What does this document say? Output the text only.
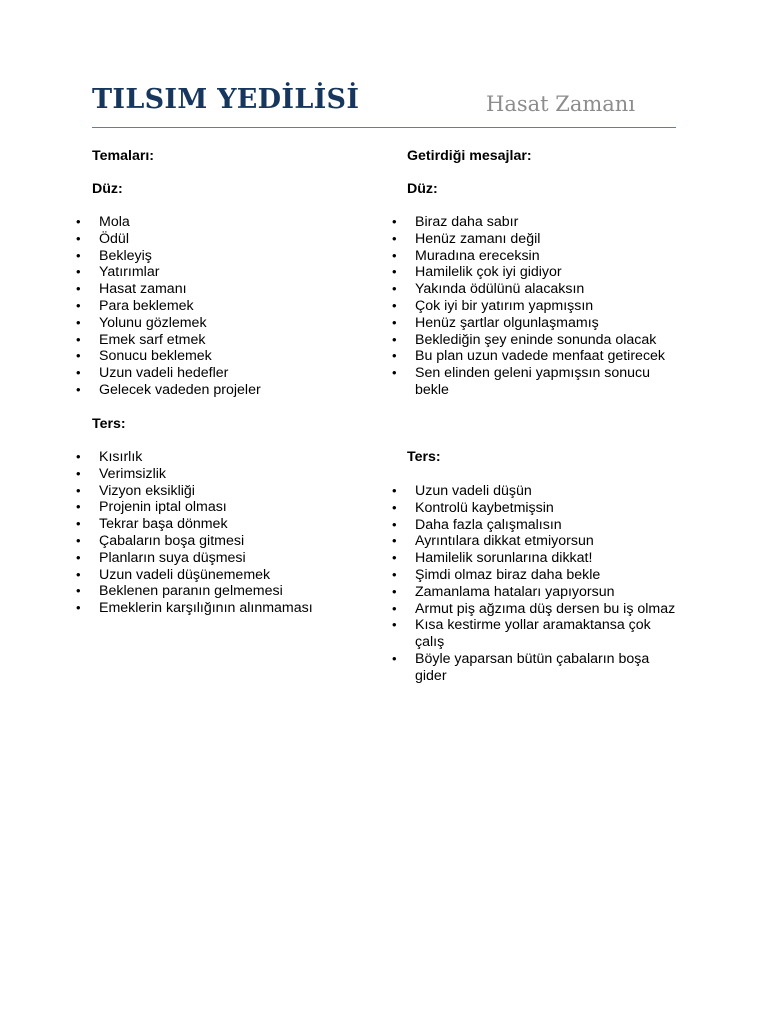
TILSIM YEDİLİSİ	Hasat Zamanı
Temaları:
Düz:
• Mola
• Ödül
• Bekleyiş
• Yatırımlar
• Hasat zamanı
• Para beklemek
• Yolunu gözlemek
• Emek sarf etmek
• Sonucu beklemek
• Uzun vadeli hedefler
• Gelecek vadeden projeler
Ters:
• Kısırlık
• Verimsizlik
• Vizyon eksikliği
• Projenin iptal olması
• Tekrar başa dönmek
• Çabaların boşa gitmesi
• Planların suya düşmesi
• Uzun vadeli düşünememek
• Beklenen paranın gelmemesi
• Emeklerin karşılığının alınmaması
Getirdiği mesajlar:
Düz:
• Biraz daha sabır
• Henüz zamanı değil
• Muradına ereceksin
• Hamilelik çok iyi gidiyor
• Yakında ödülünü alacaksın
• Çok iyi bir yatırım yapmışsın
• Henüz şartlar olgunlaşmamış
• Beklediğin şey eninde sonunda olacak
• Bu plan uzun vadede menfaat getirecek
• Sen elinden geleni yapmışsın sonucu bekle
Ters:
• Uzun vadeli düşün
• Kontrolü kaybetmişsin
• Daha fazla çalışmalısın
• Ayrıntılara dikkat etmiyorsun
• Hamilelik sorunlarına dikkat!
• Şimdi olmaz biraz daha bekle
• Zamanlama hataları yapıyorsun
• Armut piş ağzıma düş dersen bu iş olmaz
• Kısa kestirme yollar aramaktansa çok çalış
• Böyle yaparsan bütün çabaların boşa gider
